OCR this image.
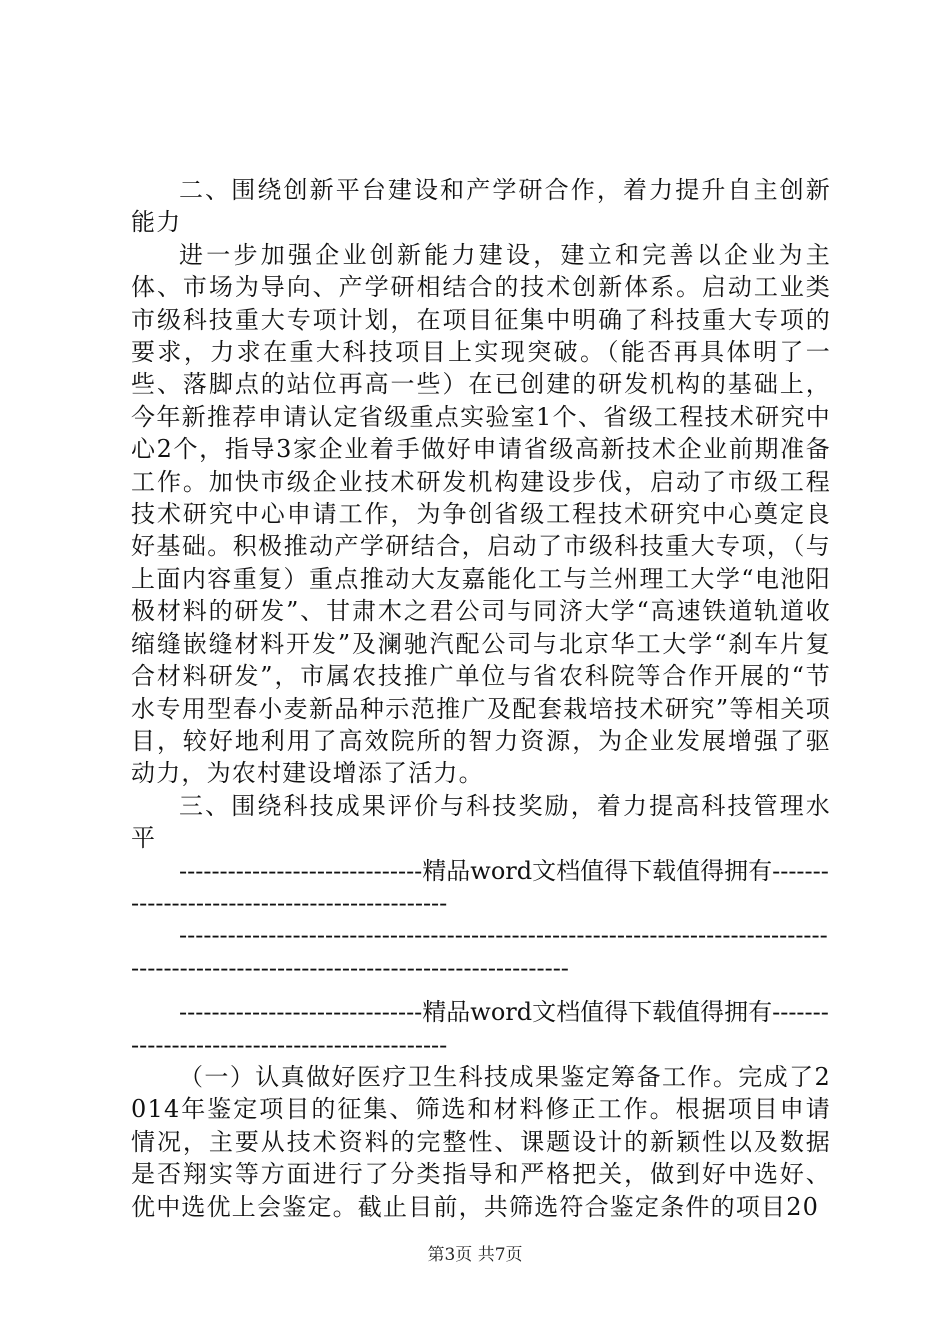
二、围绕创新平台建设和产学研合作，着力提升自主创新能力

进一步加强企业创新能力建设，建立和完善以企业为主体、市场为导向、产学研相结合的技术创新体系。启动工业类市级科技重大专项计划，在项目征集中明确了科技重大专项的要求，力求在重大科技项目上实现突破。（能否再具体明了一些、落脚点的站位再高一些）在已创建的研发机构的基础上，今年新推荐申请认定省级重点实验室1个、省级工程技术研究中心2个，指导3家企业着手做好申请省级高新技术企业前期准备工作。加快市级企业技术研发机构建设步伐，启动了市级工程技术研究中心申请工作，为争创省级工程技术研究中心奠定良好基础。积极推动产学研结合，启动了市级科技重大专项，（与上面内容重复）重点推动大友嘉能化工与兰州理工大学“电池阳极材料的研发”、甘肃木之君公司与同济大学“高速铁道轨道收缩缝嵌缝材料开发”及澜驰汽配公司与北京华工大学“刹车片复合材料研发”，市属农技推广单位与省农科院等合作开展的“节水专用型春小麦新品种示范推广及配套栽培技术研究”等相关项目，较好地利用了高效院所的智力资源，为企业发展增强了驱动力，为农村建设增添了活力。

三、围绕科技成果评价与科技奖励，着力提高科技管理水平

------------------------------精品word文档值得下载值得拥有----------------------------------------------

--------------------------------------------------------------------------------------------------------------------------------------

------------------------------精品word文档值得下载值得拥有----------------------------------------------

（一）认真做好医疗卫生科技成果鉴定筹备工作。完成了2014年鉴定项目的征集、筛选和材料修正工作。根据项目申请情况，主要从技术资料的完整性、课题设计的新颖性以及数据是否翔实等方面进行了分类指导和严格把关，做到好中选好、优中选优上会鉴定。截止目前，共筛选符合鉴定条件的项目20

第3页 共7页
